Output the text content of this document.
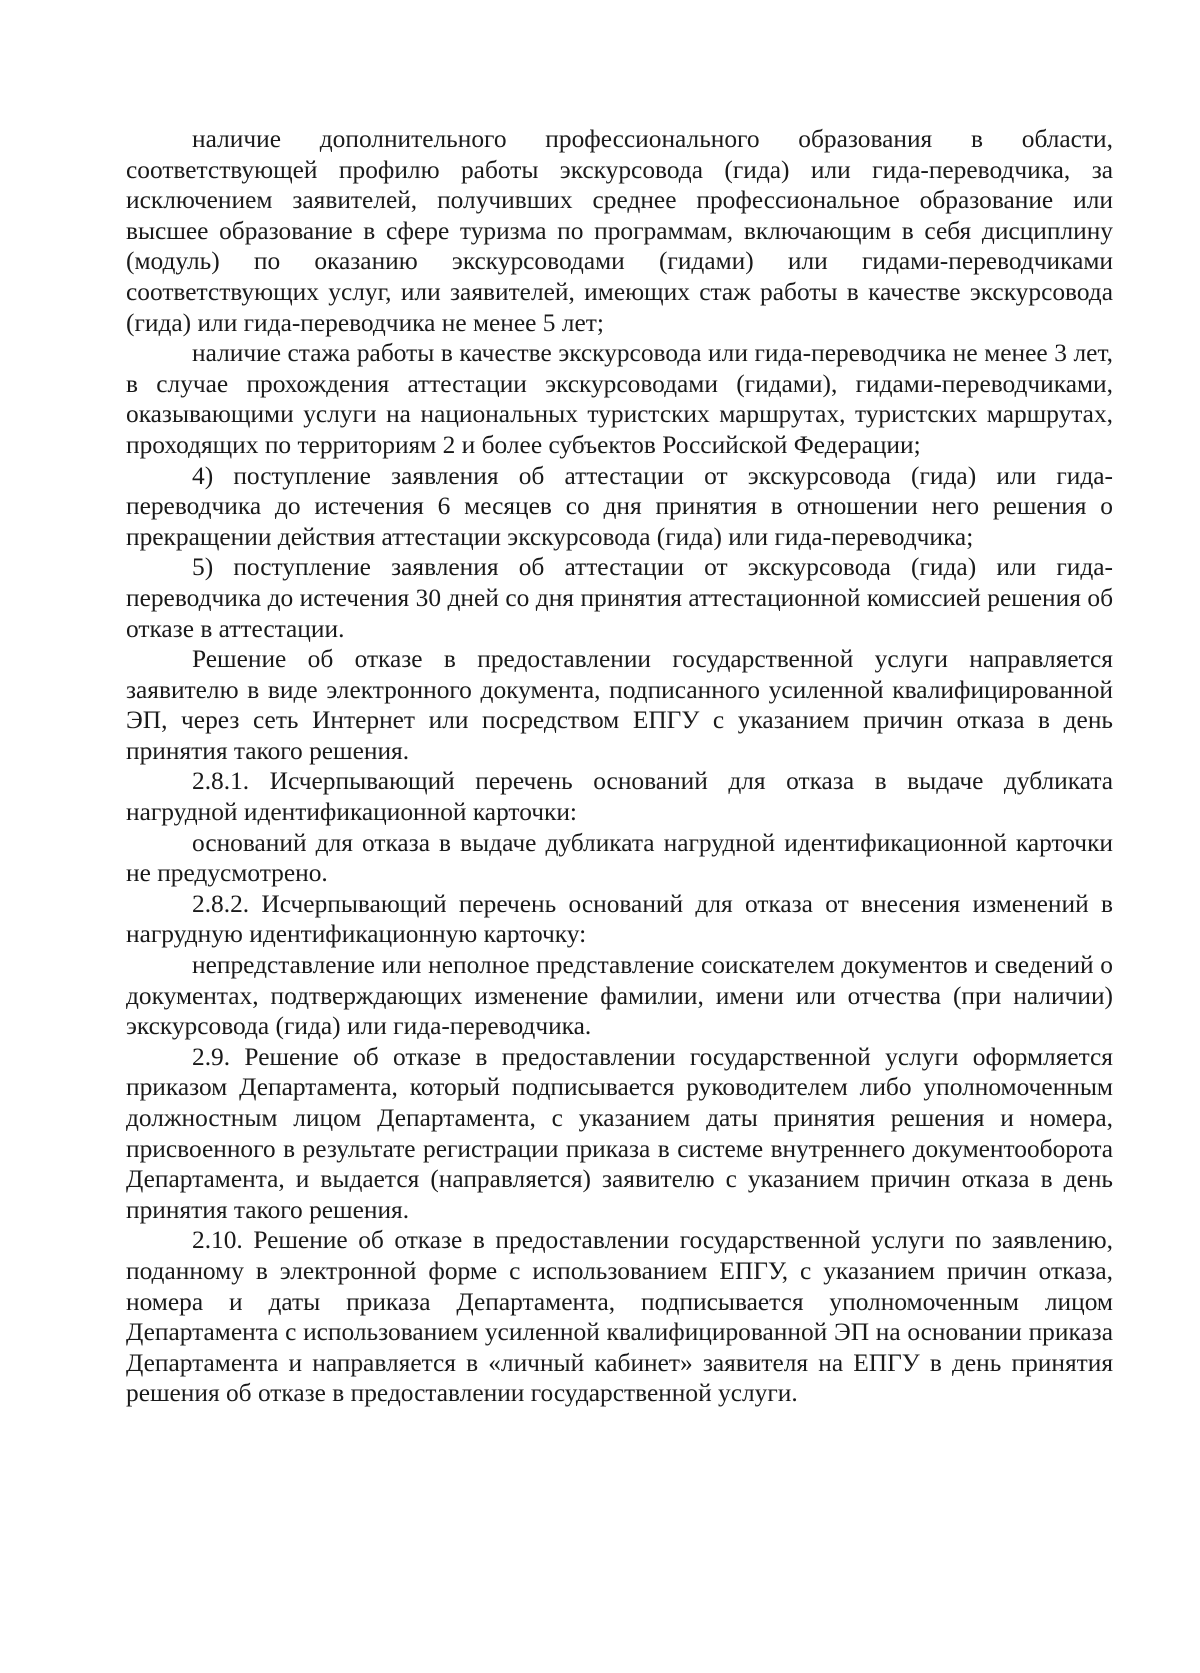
наличие дополнительного профессионального образования в области, соответствующей профилю работы экскурсовода (гида) или гида-переводчика, за исключением заявителей, получивших среднее профессиональное образование или высшее образование в сфере туризма по программам, включающим в себя дисциплину (модуль) по оказанию экскурсоводами (гидами) или гидами-переводчиками соответствующих услуг, или заявителей, имеющих стаж работы в качестве экскурсовода (гида) или гида-переводчика не менее 5 лет;

наличие стажа работы в качестве экскурсовода или гида-переводчика не менее 3 лет, в случае прохождения аттестации экскурсоводами (гидами), гидами-переводчиками, оказывающими услуги на национальных туристских маршрутах, туристских маршрутах, проходящих по территориям 2 и более субъектов Российской Федерации;

4) поступление заявления об аттестации от экскурсовода (гида) или гида-переводчика до истечения 6 месяцев со дня принятия в отношении него решения о прекращении действия аттестации экскурсовода (гида) или гида-переводчика;

5) поступление заявления об аттестации от экскурсовода (гида) или гида-переводчика до истечения 30 дней со дня принятия аттестационной комиссией решения об отказе в аттестации.

Решение об отказе в предоставлении государственной услуги направляется заявителю в виде электронного документа, подписанного усиленной квалифицированной ЭП, через сеть Интернет или посредством ЕПГУ с указанием причин отказа в день принятия такого решения.

2.8.1. Исчерпывающий перечень оснований для отказа в выдаче дубликата нагрудной идентификационной карточки:

оснований для отказа в выдаче дубликата нагрудной идентификационной карточки не предусмотрено.

2.8.2. Исчерпывающий перечень оснований для отказа от внесения изменений в нагрудную идентификационную карточку:

непредставление или неполное представление соискателем документов и сведений о документах, подтверждающих изменение фамилии, имени или отчества (при наличии) экскурсовода (гида) или гида-переводчика.

2.9. Решение об отказе в предоставлении государственной услуги оформляется приказом Департамента, который подписывается руководителем либо уполномоченным должностным лицом Департамента, с указанием даты принятия решения и номера, присвоенного в результате регистрации приказа в системе внутреннего документооборота Департамента, и выдается (направляется) заявителю с указанием причин отказа в день принятия такого решения.

2.10. Решение об отказе в предоставлении государственной услуги по заявлению, поданному в электронной форме с использованием ЕПГУ, с указанием причин отказа, номера и даты приказа Департамента, подписывается уполномоченным лицом Департамента с использованием усиленной квалифицированной ЭП на основании приказа Департамента и направляется в «личный кабинет» заявителя на ЕПГУ в день принятия решения об отказе в предоставлении государственной услуги.
